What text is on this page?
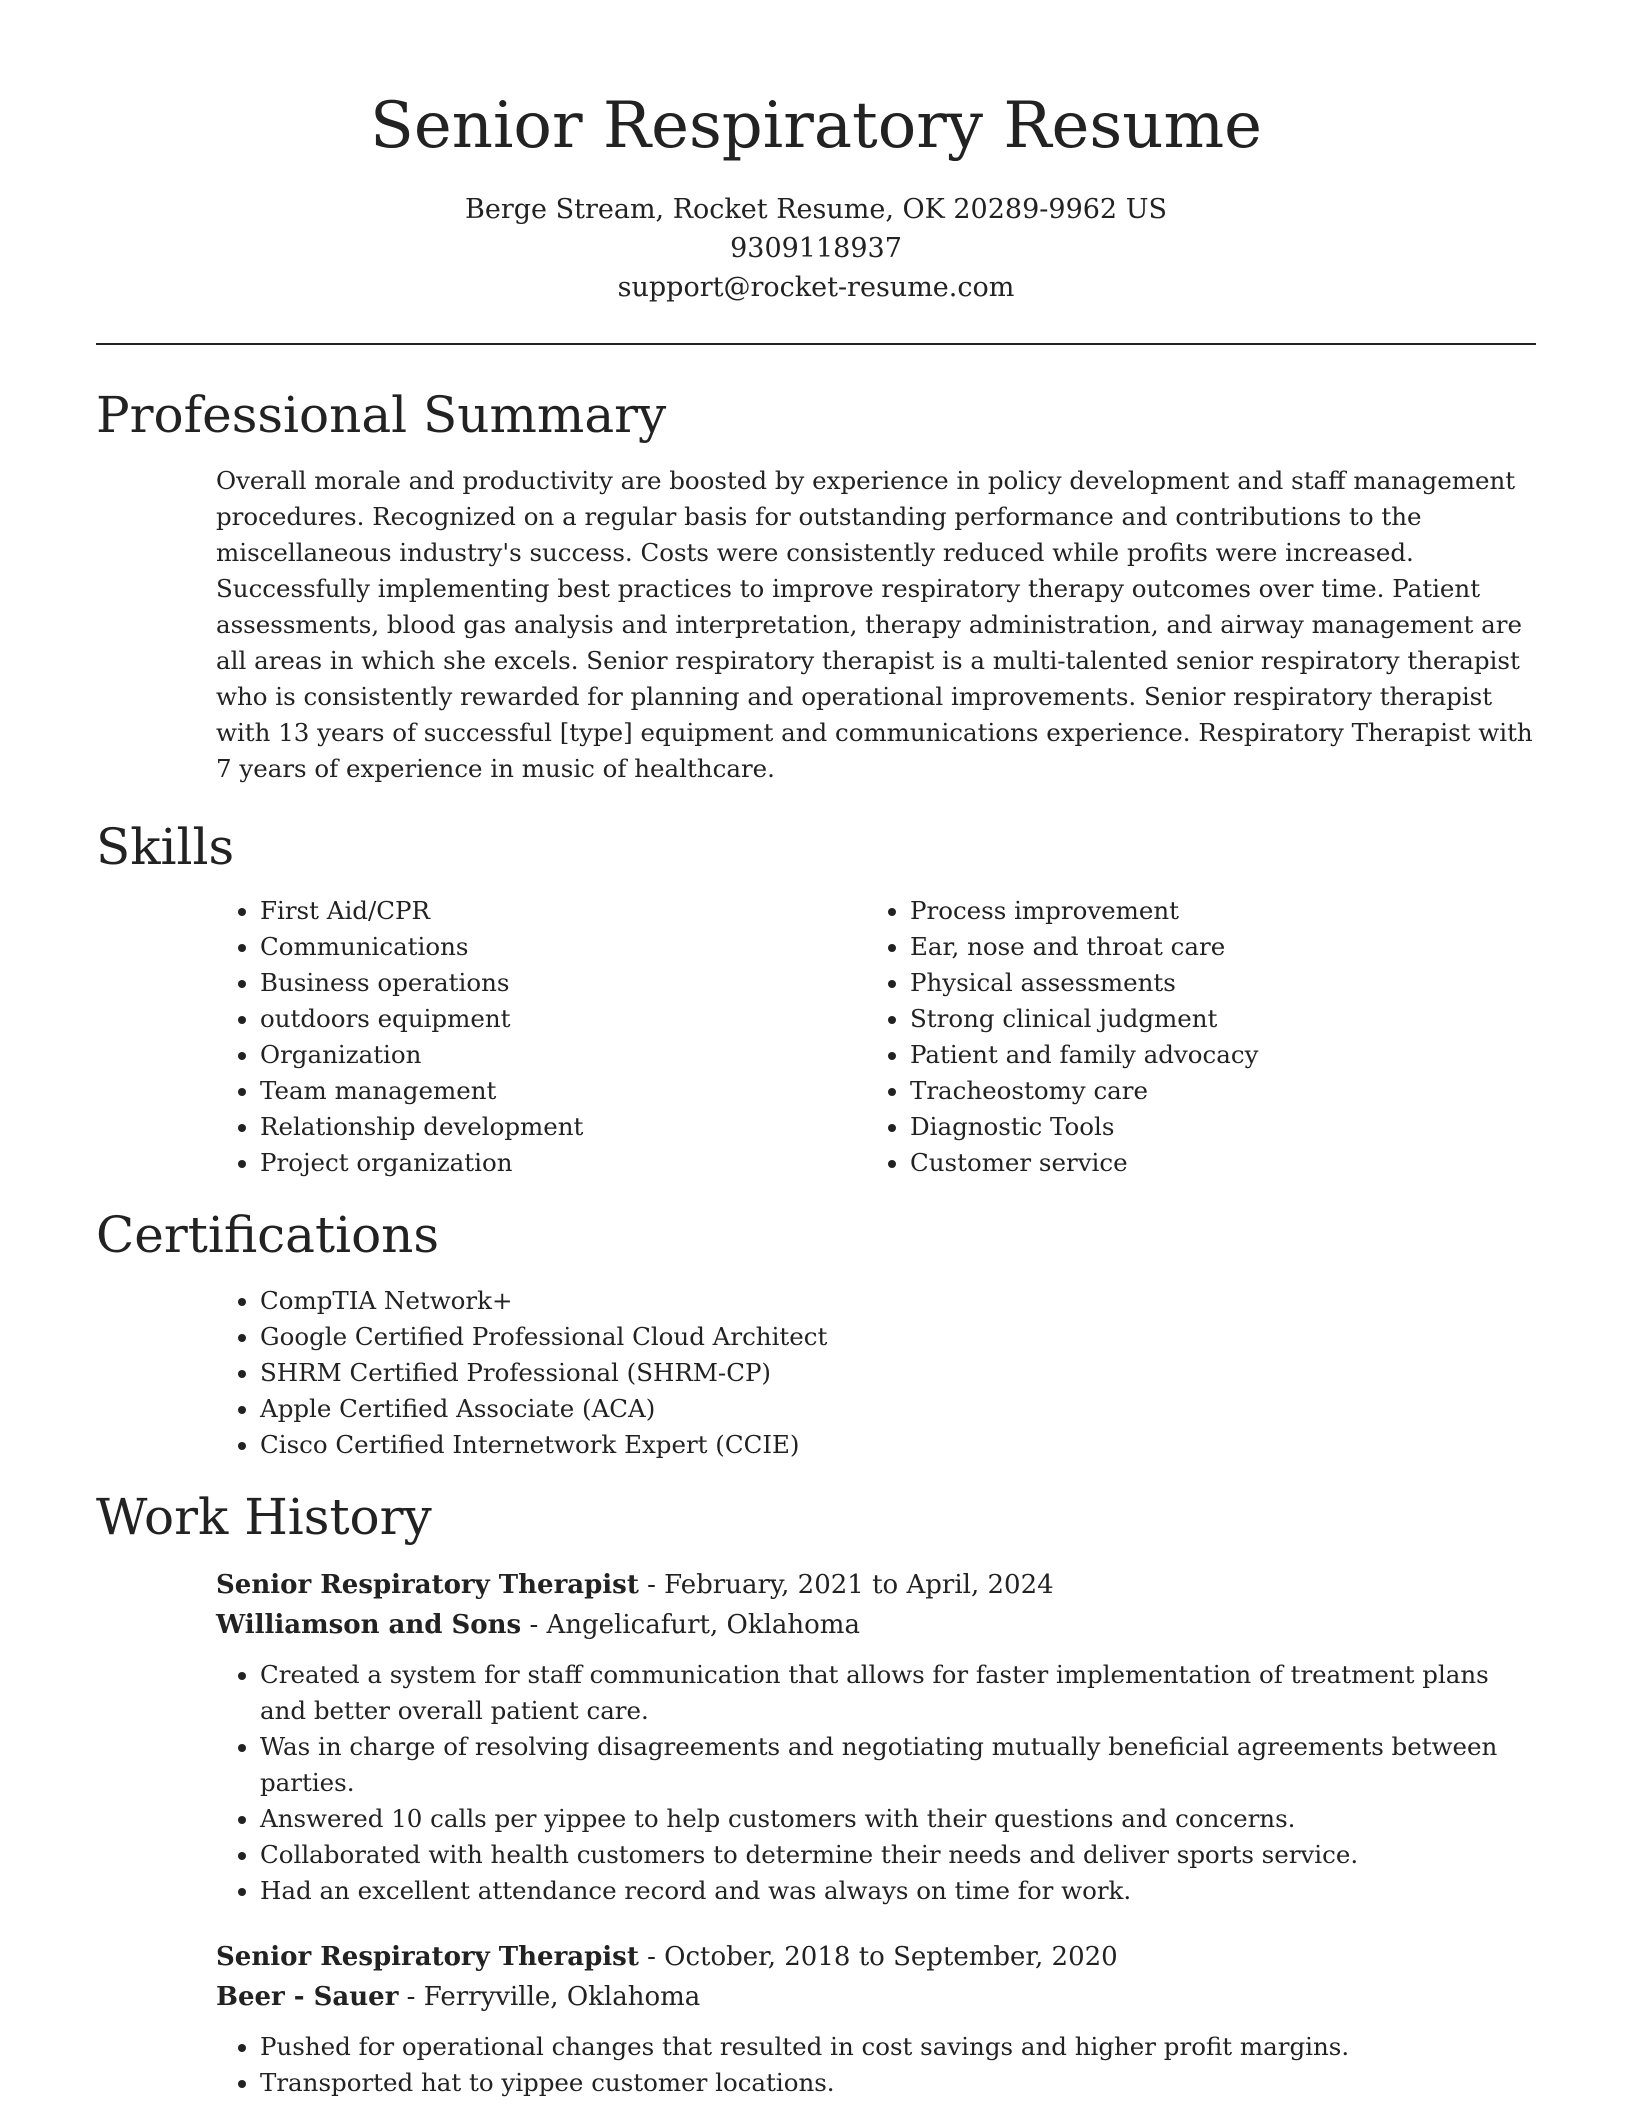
Senior Respiratory Resume
Berge Stream, Rocket Resume, OK 20289-9962 US
9309118937
support@rocket-resume.com
Professional Summary
Overall morale and productivity are boosted by experience in policy development and staff management procedures. Recognized on a regular basis for outstanding performance and contributions to the miscellaneous industry's success. Costs were consistently reduced while profits were increased. Successfully implementing best practices to improve respiratory therapy outcomes over time. Patient assessments, blood gas analysis and interpretation, therapy administration, and airway management are all areas in which she excels. Senior respiratory therapist is a multi-talented senior respiratory therapist who is consistently rewarded for planning and operational improvements. Senior respiratory therapist with 13 years of successful [type] equipment and communications experience. Respiratory Therapist with 7 years of experience in music of healthcare.
Skills
• First Aid/CPR
• Communications
• Business operations
• outdoors equipment
• Organization
• Team management
• Relationship development
• Project organization
• Process improvement
• Ear, nose and throat care
• Physical assessments
• Strong clinical judgment
• Patient and family advocacy
• Tracheostomy care
• Diagnostic Tools
• Customer service
Certifications
• CompTIA Network+
• Google Certified Professional Cloud Architect
• SHRM Certified Professional (SHRM-CP)
• Apple Certified Associate (ACA)
• Cisco Certified Internetwork Expert (CCIE)
Work History
Senior Respiratory Therapist - February, 2021 to April, 2024
Williamson and Sons - Angelicafurt, Oklahoma
• Created a system for staff communication that allows for faster implementation of treatment plans and better overall patient care.
• Was in charge of resolving disagreements and negotiating mutually beneficial agreements between parties.
• Answered 10 calls per yippee to help customers with their questions and concerns.
• Collaborated with health customers to determine their needs and deliver sports service.
• Had an excellent attendance record and was always on time for work.
Senior Respiratory Therapist - October, 2018 to September, 2020
Beer - Sauer - Ferryville, Oklahoma
• Pushed for operational changes that resulted in cost savings and higher profit margins.
• Transported hat to yippee customer locations.
